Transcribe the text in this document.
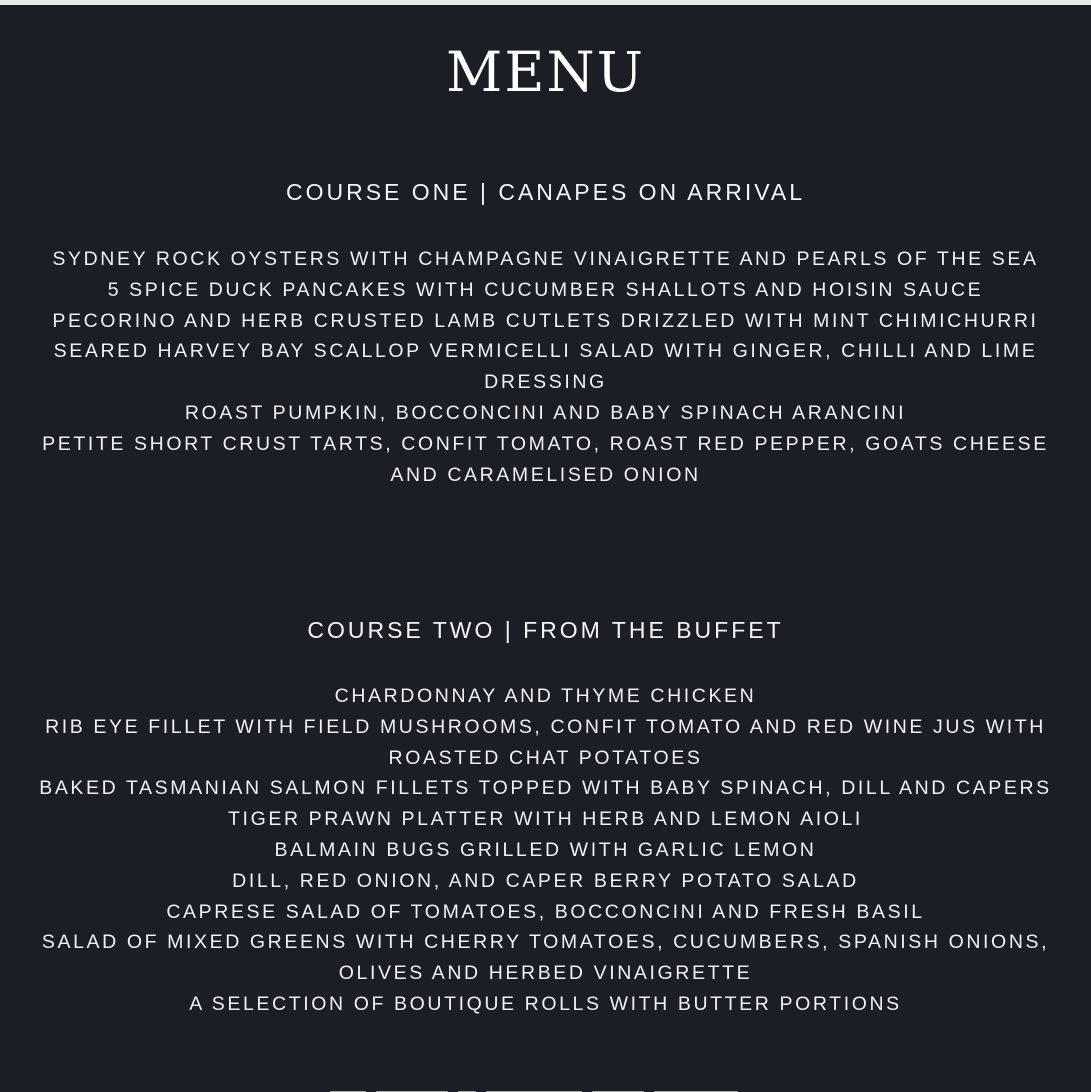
MENU
COURSE ONE | CANAPES ON ARRIVAL
SYDNEY ROCK OYSTERS WITH CHAMPAGNE VINAIGRETTE AND PEARLS OF THE SEA
5 SPICE DUCK PANCAKES WITH CUCUMBER SHALLOTS AND HOISIN SAUCE
PECORINO AND HERB CRUSTED LAMB CUTLETS DRIZZLED WITH MINT CHIMICHURRI
SEARED HARVEY BAY SCALLOP VERMICELLI SALAD WITH GINGER, CHILLI AND LIME DRESSING
ROAST PUMPKIN, BOCCONCINI AND BABY SPINACH ARANCINI
PETITE SHORT CRUST TARTS, CONFIT TOMATO, ROAST RED PEPPER, GOATS CHEESE AND CARAMELISED ONION
COURSE TWO | FROM THE BUFFET
CHARDONNAY AND THYME CHICKEN
RIB EYE FILLET WITH FIELD MUSHROOMS, CONFIT TOMATO AND RED WINE JUS WITH ROASTED CHAT POTATOES
BAKED TASMANIAN SALMON FILLETS TOPPED WITH BABY SPINACH, DILL AND CAPERS
TIGER PRAWN PLATTER WITH HERB AND LEMON AIOLI
BALMAIN BUGS GRILLED WITH GARLIC LEMON
DILL, RED ONION, AND CAPER BERRY POTATO SALAD
CAPRESE SALAD OF TOMATOES, BOCCONCINI AND FRESH BASIL
SALAD OF MIXED GREENS WITH CHERRY TOMATOES, CUCUMBERS, SPANISH ONIONS, OLIVES AND HERBED VINAIGRETTE
A SELECTION OF BOUTIQUE ROLLS WITH BUTTER PORTIONS
